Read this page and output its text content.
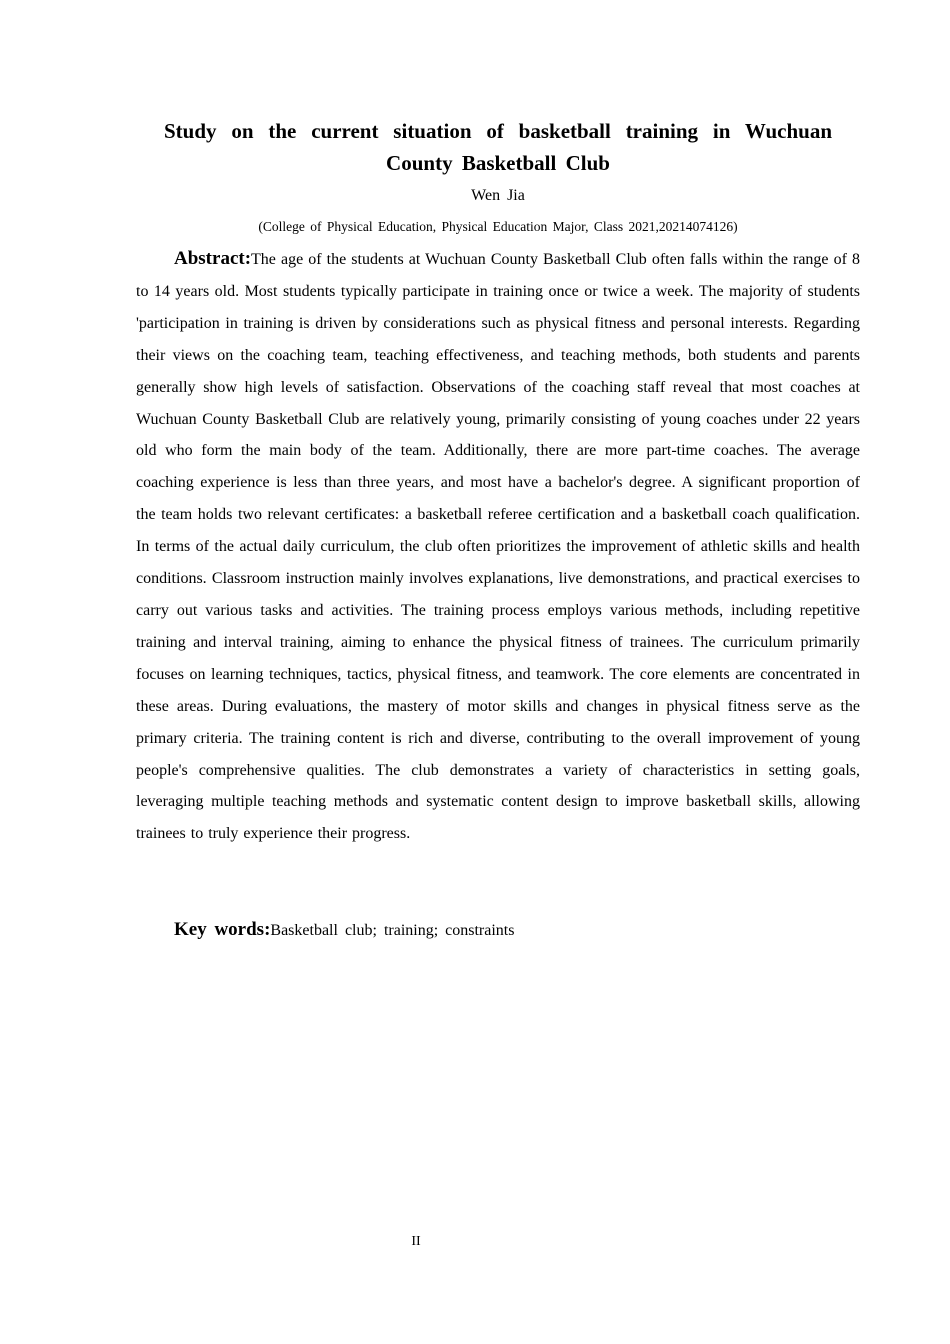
Study on the current situation of basketball training in Wuchuan
County Basketball Club
Wen Jia
(College of Physical Education, Physical Education Major, Class 2021,20214074126)

Abstract:The age of the students at Wuchuan County Basketball Club often falls within the range of 8 to 14 years old. Most students typically participate in training once or twice a week. The majority of students 'participation in training is driven by considerations such as physical fitness and personal interests. Regarding their views on the coaching team, teaching effectiveness, and teaching methods, both students and parents generally show high levels of satisfaction. Observations of the coaching staff reveal that most coaches at Wuchuan County Basketball Club are relatively young, primarily consisting of young coaches under 22 years old who form the main body of the team. Additionally, there are more part-time coaches. The average coaching experience is less than three years, and most have a bachelor's degree. A significant proportion of the team holds two relevant certificates: a basketball referee certification and a basketball coach qualification. In terms of the actual daily curriculum, the club often prioritizes the improvement of athletic skills and health conditions. Classroom instruction mainly involves explanations, live demonstrations, and practical exercises to carry out various tasks and activities. The training process employs various methods, including repetitive training and interval training, aiming to enhance the physical fitness of trainees. The curriculum primarily focuses on learning techniques, tactics, physical fitness, and teamwork. The core elements are concentrated in these areas. During evaluations, the mastery of motor skills and changes in physical fitness serve as the primary criteria. The training content is rich and diverse, contributing to the overall improvement of young people's comprehensive qualities. The club demonstrates a variety of characteristics in setting goals, leveraging multiple teaching methods and systematic content design to improve basketball skills, allowing trainees to truly experience their progress.

Key words:Basketball club; training; constraints

II
